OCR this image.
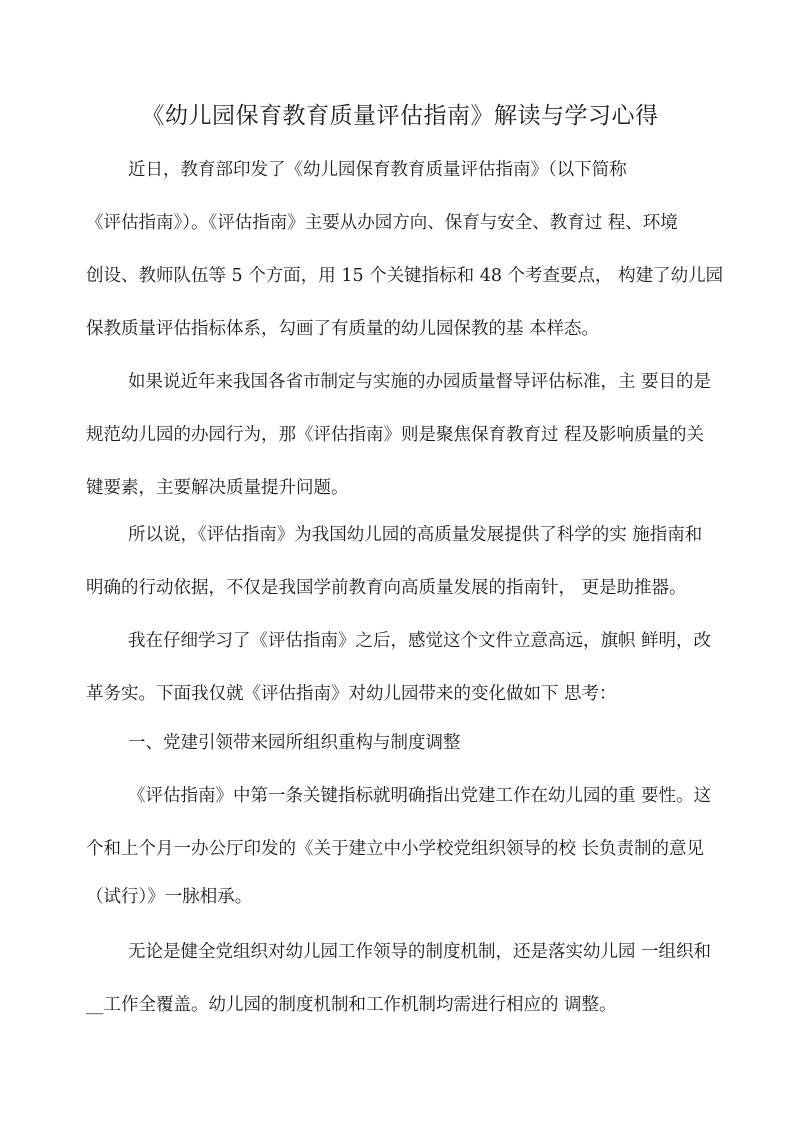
《幼儿园保育教育质量评估指南》解读与学习心得
近日，教育部印发了《幼儿园保育教育质量评估指南》（以下简称
《评估指南》）。《评估指南》主要从办园方向、保育与安全、教育过 程、环境
创设、教师队伍等 5 个方面，用 15 个关键指标和 48 个考查要点， 构建了幼儿园
保教质量评估指标体系，勾画了有质量的幼儿园保教的基 本样态。
如果说近年来我国各省市制定与实施的办园质量督导评估标准，主 要目的是
规范幼儿园的办园行为，那《评估指南》则是聚焦保育教育过 程及影响质量的关
键要素，主要解决质量提升问题。
所以说，《评估指南》为我国幼儿园的高质量发展提供了科学的实 施指南和
明确的行动依据，不仅是我国学前教育向高质量发展的指南针， 更是助推器。
我在仔细学习了《评估指南》之后，感觉这个文件立意高远，旗帜 鲜明，改
革务实。下面我仅就《评估指南》对幼儿园带来的变化做如下 思考：
一、党建引领带来园所组织重构与制度调整
《评估指南》中第一条关键指标就明确指出党建工作在幼儿园的重 要性。这
个和上个月一办公厅印发的《关于建立中小学校党组织领导的校 长负责制的意见
（试行）》一脉相承。
无论是健全党组织对幼儿园工作领导的制度机制，还是落实幼儿园 一组织和
__工作全覆盖。幼儿园的制度机制和工作机制均需进行相应的 调整。
